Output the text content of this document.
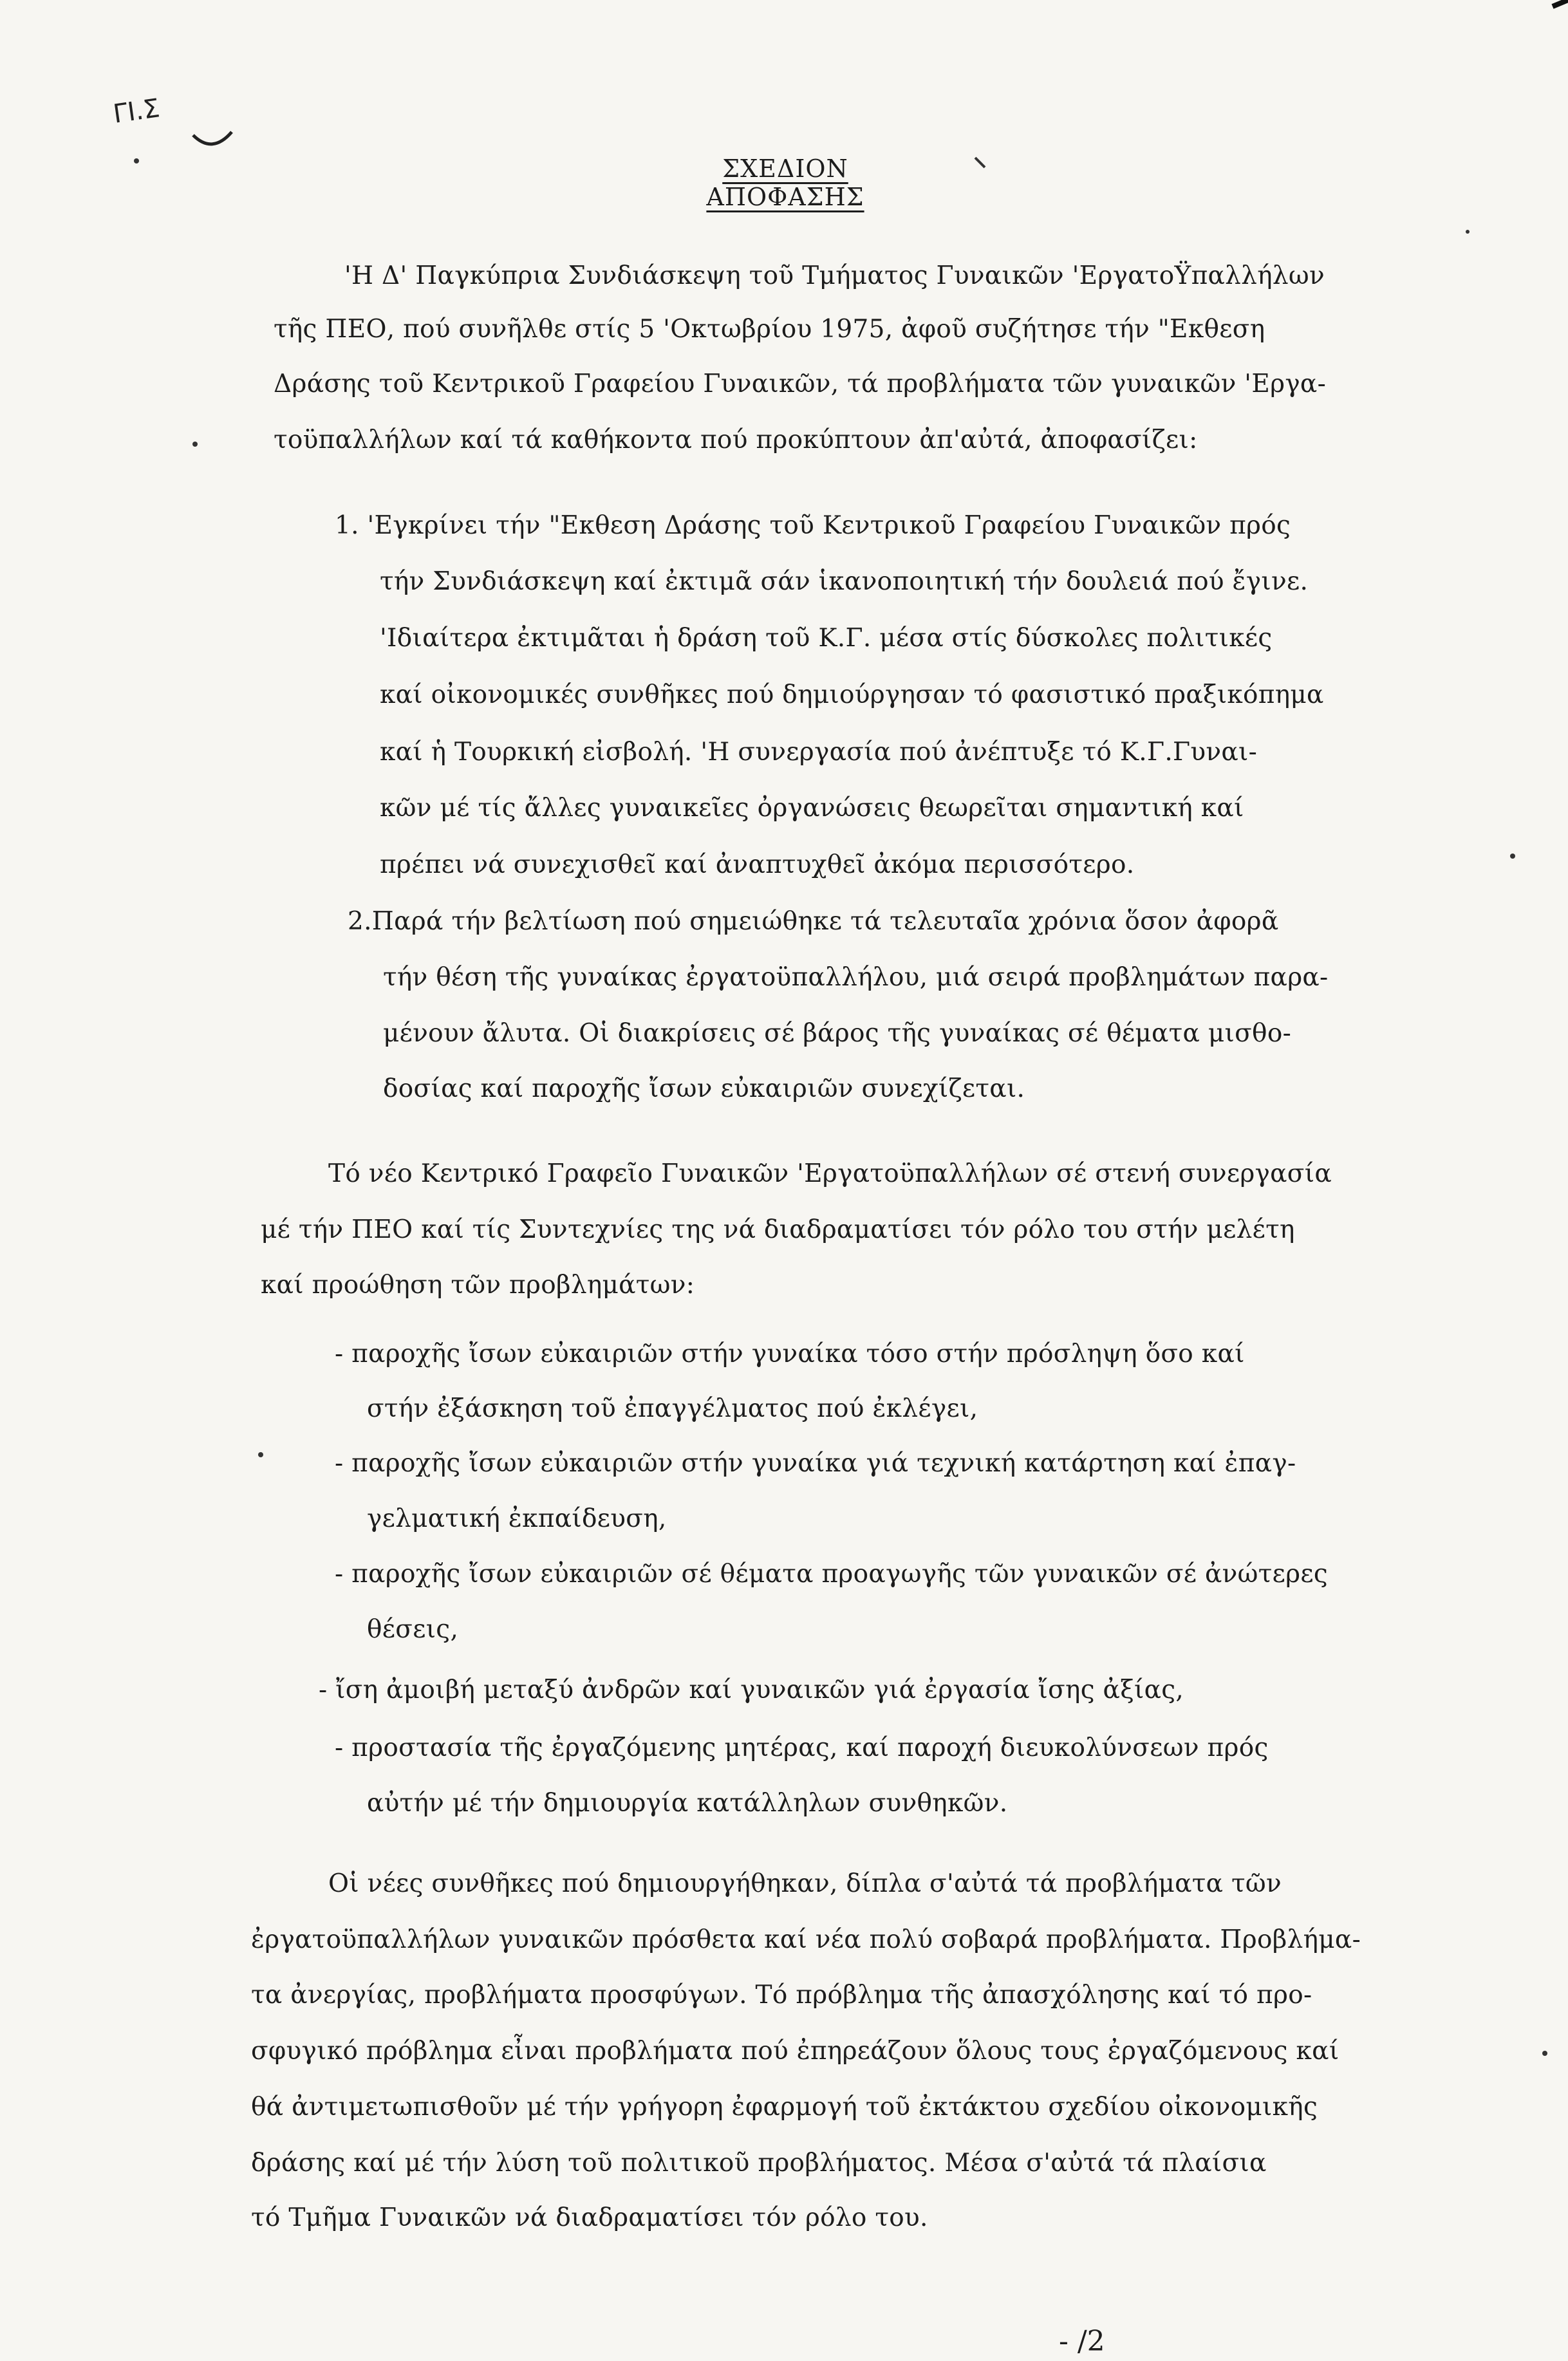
ΓΙ.Σ
ΣΧΕΔΙΟΝ ΑΠΟΦΑΣΗΣ
'Η Δ' Παγκύπρια Συνδιάσκεψη τοῦ Τμήματος Γυναικῶν 'ΕργατοΫπαλλήλων
τῆς ΠΕΟ, πού συνῆλθε στίς 5 'Οκτωβρίου 1975, ἀφοῦ συζήτησε τήν "Εκθεση
Δράσης τοῦ Κεντρικοῦ Γραφείου Γυναικῶν, τά προβλήματα τῶν γυναικῶν 'Εργα-
τοϋπαλλήλων καί τά καθήκοντα πού προκύπτουν ἀπ'αὐτά, ἀποφασίζει:
1. 'Εγκρίνει τήν "Εκθεση Δράσης τοῦ Κεντρικοῦ Γραφείου Γυναικῶν πρός
τήν Συνδιάσκεψη καί ἐκτιμᾶ σάν ἱκανοποιητική τήν δουλειά πού ἔγινε.
'Ιδιαίτερα ἐκτιμᾶται ἡ δράση τοῦ Κ.Γ. μέσα στίς δύσκολες πολιτικές
καί οἰκονομικές συνθῆκες πού δημιούργησαν τό φασιστικό πραξικόπημα
καί ἡ Τουρκική εἰσβολή. 'Η συνεργασία πού ἀνέπτυξε τό Κ.Γ.Γυναι-
κῶν μέ τίς ἄλλες γυναικεῖες ὀργανώσεις θεωρεῖται σημαντική καί
πρέπει νά συνεχισθεῖ καί ἀναπτυχθεῖ ἀκόμα περισσότερο.
2.Παρά τήν βελτίωση πού σημειώθηκε τά τελευταῖα χρόνια ὅσον ἀφορᾶ
τήν θέση τῆς γυναίκας ἐργατοϋπαλλήλου, μιά σειρά προβλημάτων παρα-
μένουν ἄλυτα. Οἱ διακρίσεις σέ βάρος τῆς γυναίκας σέ θέματα μισθο-
δοσίας καί παροχῆς ἴσων εὐκαιριῶν συνεχίζεται.
Τό νέο Κεντρικό Γραφεῖο Γυναικῶν 'Εργατοϋπαλλήλων σέ στενή συνεργασία
μέ τήν ΠΕΟ καί τίς Συντεχνίες της νά διαδραματίσει τόν ρόλο του στήν μελέτη
καί προώθηση τῶν προβλημάτων:
- παροχῆς ἴσων εὐκαιριῶν στήν γυναίκα τόσο στήν πρόσληψη ὅσο καί
στήν ἐξάσκηση τοῦ ἐπαγγέλματος πού ἐκλέγει,
- παροχῆς ἴσων εὐκαιριῶν στήν γυναίκα γιά τεχνική κατάρτηση καί ἐπαγ-
γελματική ἐκπαίδευση,
- παροχῆς ἴσων εὐκαιριῶν σέ θέματα προαγωγῆς τῶν γυναικῶν σέ ἀνώτερες
θέσεις,
- ἴση ἀμοιβή μεταξύ ἀνδρῶν καί γυναικῶν γιά ἐργασία ἴσης ἀξίας,
- προστασία τῆς ἐργαζόμενης μητέρας, καί παροχή διευκολύνσεων πρός
αὐτήν μέ τήν δημιουργία κατάλληλων συνθηκῶν.
Οἱ νέες συνθῆκες πού δημιουργήθηκαν, δίπλα σ'αὐτά τά προβλήματα τῶν
ἐργατοϋπαλλήλων γυναικῶν πρόσθετα καί νέα πολύ σοβαρά προβλήματα. Προβλήμα-
τα ἀνεργίας, προβλήματα προσφύγων. Τό πρόβλημα τῆς ἀπασχόλησης καί τό προ-
σφυγικό πρόβλημα εἶναι προβλήματα πού ἐπηρεάζουν ὅλους τους ἐργαζόμενους καί
θά ἀντιμετωπισθοῦν μέ τήν γρήγορη ἐφαρμογή τοῦ ἐκτάκτου σχεδίου οἰκονομικῆς
δράσης καί μέ τήν λύση τοῦ πολιτικοῦ προβλήματος. Μέσα σ'αὐτά τά πλαίσια
τό Τμῆμα Γυναικῶν νά διαδραματίσει τόν ρόλο του.
- /2
